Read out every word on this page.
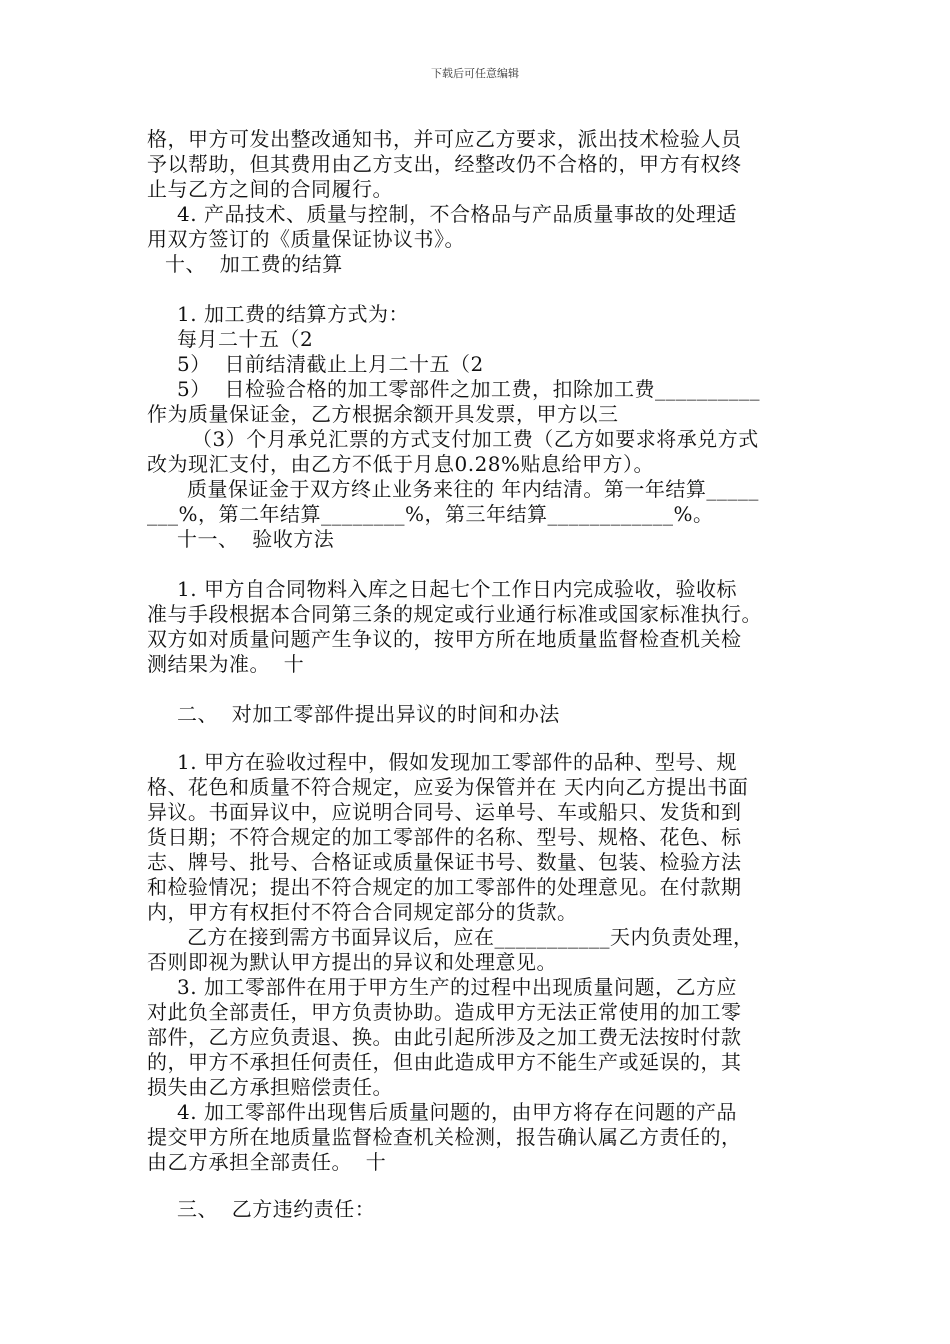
下载后可任意编辑
格，甲方可发出整改通知书，并可应乙方要求，派出技术检验人员
予以帮助，但其费用由乙方支出，经整改仍不合格的，甲方有权终
止与乙方之间的合同履行。
4. 产品技术、质量与控制，不合格品与产品质量事故的处理适
用双方签订的《质量保证协议书》。
十、  加工费的结算
1. 加工费的结算方式为：
每月二十五（2
5）  日前结清截止上月二十五（2
5）  日检验合格的加工零部件之加工费，扣除加工费__________
作为质量保证金，乙方根据余额开具发票，甲方以三
（3）个月承兑汇票的方式支付加工费（乙方如要求将承兑方式
改为现汇支付，由乙方不低于月息0.28%贴息给甲方）。
质量保证金于双方终止业务来往的 年内结清。第一年结算_____
___%，第二年结算________%，第三年结算____________%。
十一、  验收方法
1. 甲方自合同物料入库之日起七个工作日内完成验收，验收标
准与手段根据本合同第三条的规定或行业通行标准或国家标准执行。
双方如对质量问题产生争议的，按甲方所在地质量监督检查机关检
测结果为准。  十
二、  对加工零部件提出异议的时间和办法
1. 甲方在验收过程中，假如发现加工零部件的品种、型号、规
格、花色和质量不符合规定，应妥为保管并在 天内向乙方提出书面
异议。书面异议中，应说明合同号、运单号、车或船只、发货和到
货日期；不符合规定的加工零部件的名称、型号、规格、花色、标
志、牌号、批号、合格证或质量保证书号、数量、包装、检验方法
和检验情况；提出不符合规定的加工零部件的处理意见。在付款期
内，甲方有权拒付不符合合同规定部分的货款。
乙方在接到需方书面异议后，应在___________天内负责处理，
否则即视为默认甲方提出的异议和处理意见。
3. 加工零部件在用于甲方生产的过程中出现质量问题，乙方应
对此负全部责任，甲方负责协助。造成甲方无法正常使用的加工零
部件，乙方应负责退、换。由此引起所涉及之加工费无法按时付款
的，甲方不承担任何责任，但由此造成甲方不能生产或延误的，其
损失由乙方承担赔偿责任。
4. 加工零部件出现售后质量问题的，由甲方将存在问题的产品
提交甲方所在地质量监督检查机关检测，报告确认属乙方责任的，
由乙方承担全部责任。  十
三、  乙方违约责任：
